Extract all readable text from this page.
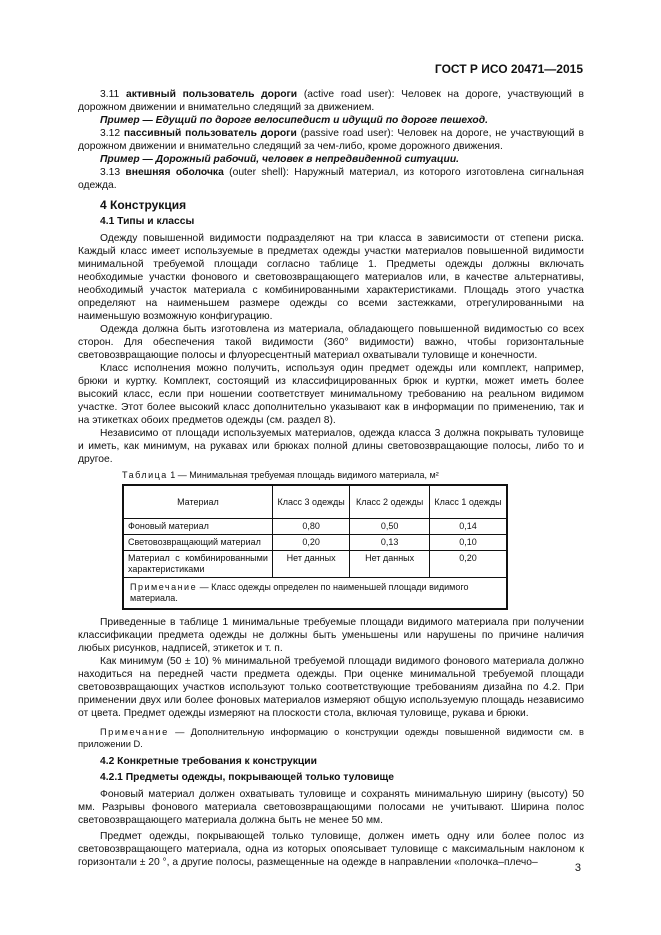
ГОСТ Р ИСО 20471—2015

3.11 активный пользователь дороги (active road user): Человек на дороге, участвующий в дорожном движении и внимательно следящий за движением.

Пример — Едущий по дороге велосипедист и идущий по дороге пешеход.

3.12 пассивный пользователь дороги (passive road user): Человек на дороге, не участвующий в дорожном движении и внимательно следящий за чем-либо, кроме дорожного движения.

Пример — Дорожный рабочий, человек в непредвиденной ситуации.

3.13 внешняя оболочка (outer shell): Наружный материал, из которого изготовлена сигнальная одежда.

4 Конструкция
4.1 Типы и классы

Одежду повышенной видимости подразделяют на три класса в зависимости от степени риска. Каждый класс имеет используемые в предметах одежды участки материалов повышенной видимости минимальной требуемой площади согласно таблице 1. Предметы одежды должны включать необходимые участки фонового и световозвращающего материалов или, в качестве альтернативы, необходимый участок материала с комбинированными характеристиками. Площадь этого участка определяют на наименьшем размере одежды со всеми застежками, отрегулированными на наименьшую возможную конфигурацию.

Одежда должна быть изготовлена из материала, обладающего повышенной видимостью со всех сторон. Для обеспечения такой видимости (360° видимости) важно, чтобы горизонтальные световозвращающие полосы и флуоресцентный материал охватывали туловище и конечности.

Класс исполнения можно получить, используя один предмет одежды или комплект, например, брюки и куртку. Комплект, состоящий из классифицированных брюк и куртки, может иметь более высокий класс, если при ношении соответствует минимальному требованию на реальном видимом участке. Этот более высокий класс дополнительно указывают как в информации по применению, так и на этикетках обоих предметов одежды (см. раздел 8).

Независимо от площади используемых материалов, одежда класса 3 должна покрывать туловище и иметь, как минимум, на рукавах или брюках полной длины световозвращающие полосы, либо то и другое.

Таблица 1 — Минимальная требуемая площадь видимого материала, м²
Материал	Класс 3 одежды	Класс 2 одежды	Класс 1 одежды
Фоновый материал	0,80	0,50	0,14
Световозвращающий материал	0,20	0,13	0,10
Материал с комбинированными характеристиками	Нет данных	Нет данных	0,20
Примечание — Класс одежды определен по наименьшей площади видимого материала.			

Приведенные в таблице 1 минимальные требуемые площади видимого материала при получении классификации предмета одежды не должны быть уменьшены или нарушены по причине наличия любых рисунков, надписей, этикеток и т. п.

Как минимум (50 ± 10) % минимальной требуемой площади видимого фонового материала должно находиться на передней части предмета одежды. При оценке минимальной требуемой площади световозвращающих участков используют только соответствующие требованиям дизайна по 4.2. При применении двух или более фоновых материалов измеряют общую используемую площадь независимо от цвета. Предмет одежды измеряют на плоскости стола, включая туловище, рукава и брюки.

Примечание — Дополнительную информацию о конструкции одежды повышенной видимости см. в приложении D.

4.2 Конкретные требования к конструкции
4.2.1 Предметы одежды, покрывающей только туловище

Фоновый материал должен охватывать туловище и сохранять минимальную ширину (высоту) 50 мм. Разрывы фонового материала световозвращающими полосами не учитывают. Ширина полос световозвращающего материала должна быть не менее 50 мм.

Предмет одежды, покрывающей только туловище, должен иметь одну или более полос из световозвращающего материала, одна из которых опоясывает туловище с максимальным наклоном к горизонтали ± 20 °, а другие полосы, размещенные на одежде в направлении «полочка–плечо–	3
